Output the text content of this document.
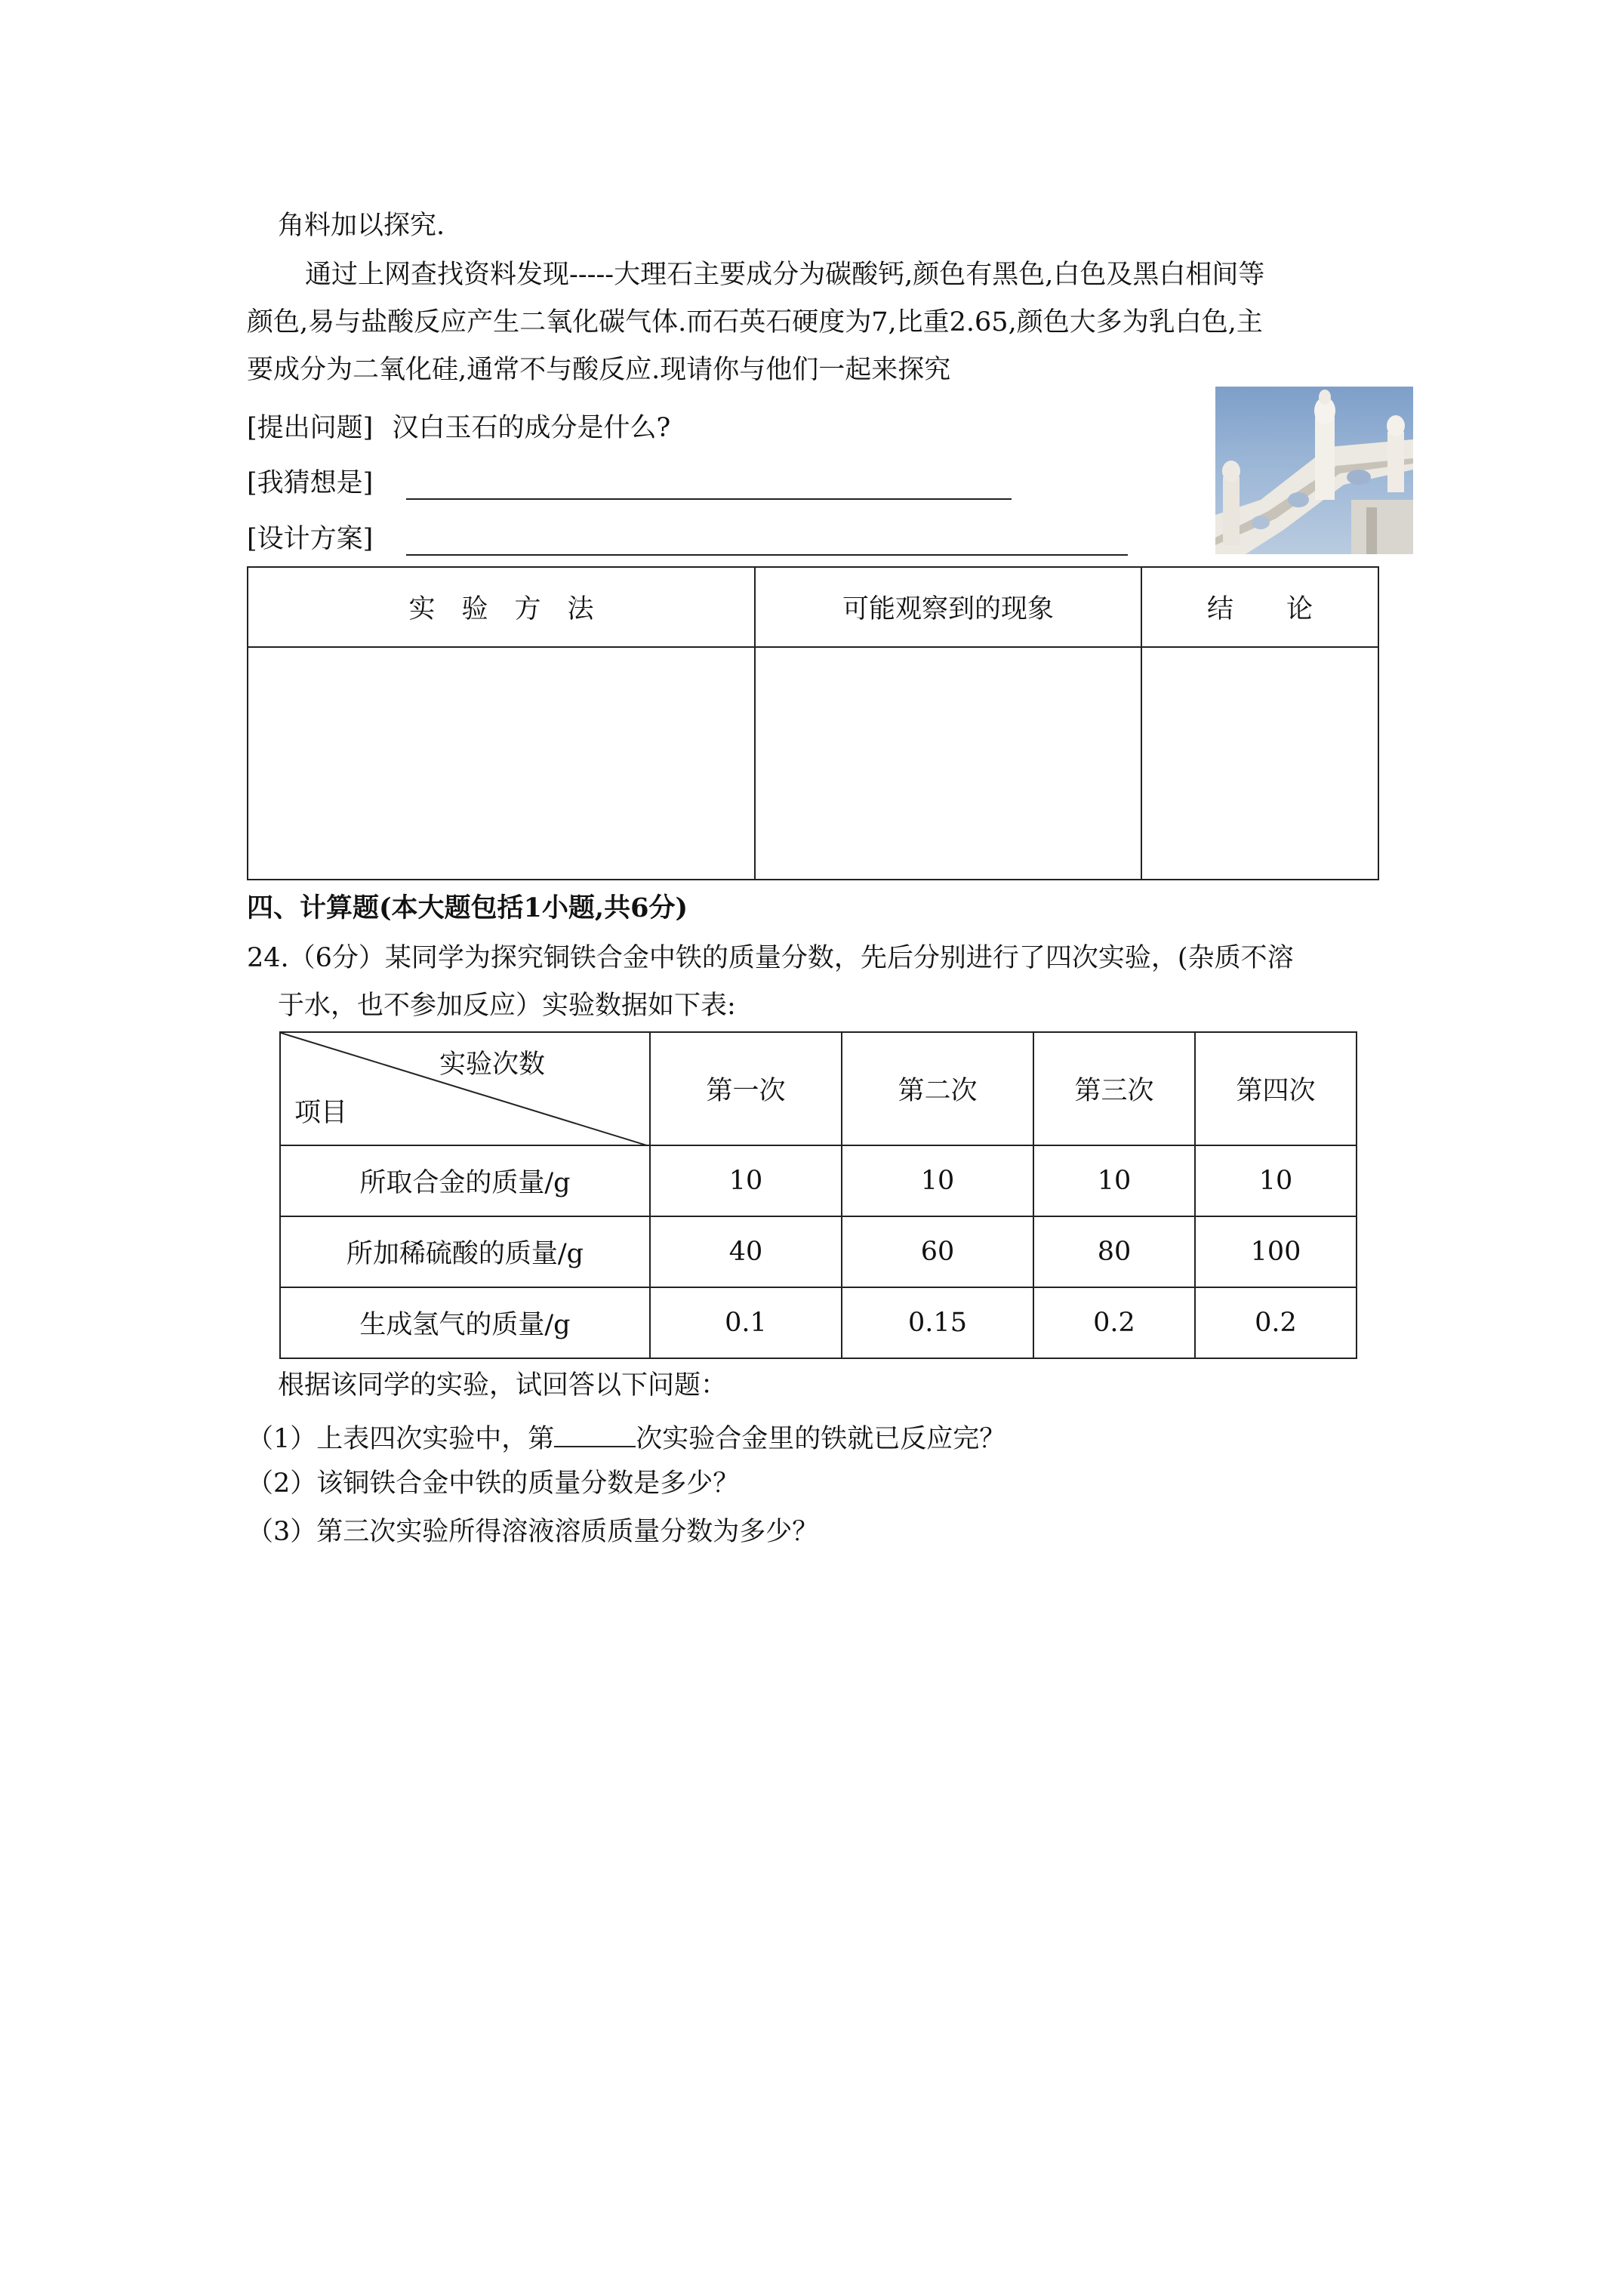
角料加以探究.
通过上网查找资料发现-----大理石主要成分为碳酸钙,颜色有黑色,白色及黑白相间等
颜色,易与盐酸反应产生二氧化碳气体.而石英石硬度为7,比重2.65,颜色大多为乳白色,主
要成分为二氧化硅,通常不与酸反应.现请你与他们一起来探究
[提出问题] 汉白玉石的成分是什么?
[我猜想是]
[设计方案]
实　验　方　法	可能观察到的现象	结　　论

四、计算题(本大题包括1小题,共6分)
24.（6分）某同学为探究铜铁合金中铁的质量分数，先后分别进行了四次实验，(杂质不溶
于水，也不参加反应）实验数据如下表:
实验次数
项目	第一次	第二次	第三次	第四次
所取合金的质量/g	10	10	10	10
所加稀硫酸的质量/g	40	60	80	100
生成氢气的质量/g	0.1	0.15	0.2	0.2
根据该同学的实验，试回答以下问题：
（1）上表四次实验中，第	次实验合金里的铁就已反应完？
（2）该铜铁合金中铁的质量分数是多少？
（3）第三次实验所得溶液溶质质量分数为多少？
